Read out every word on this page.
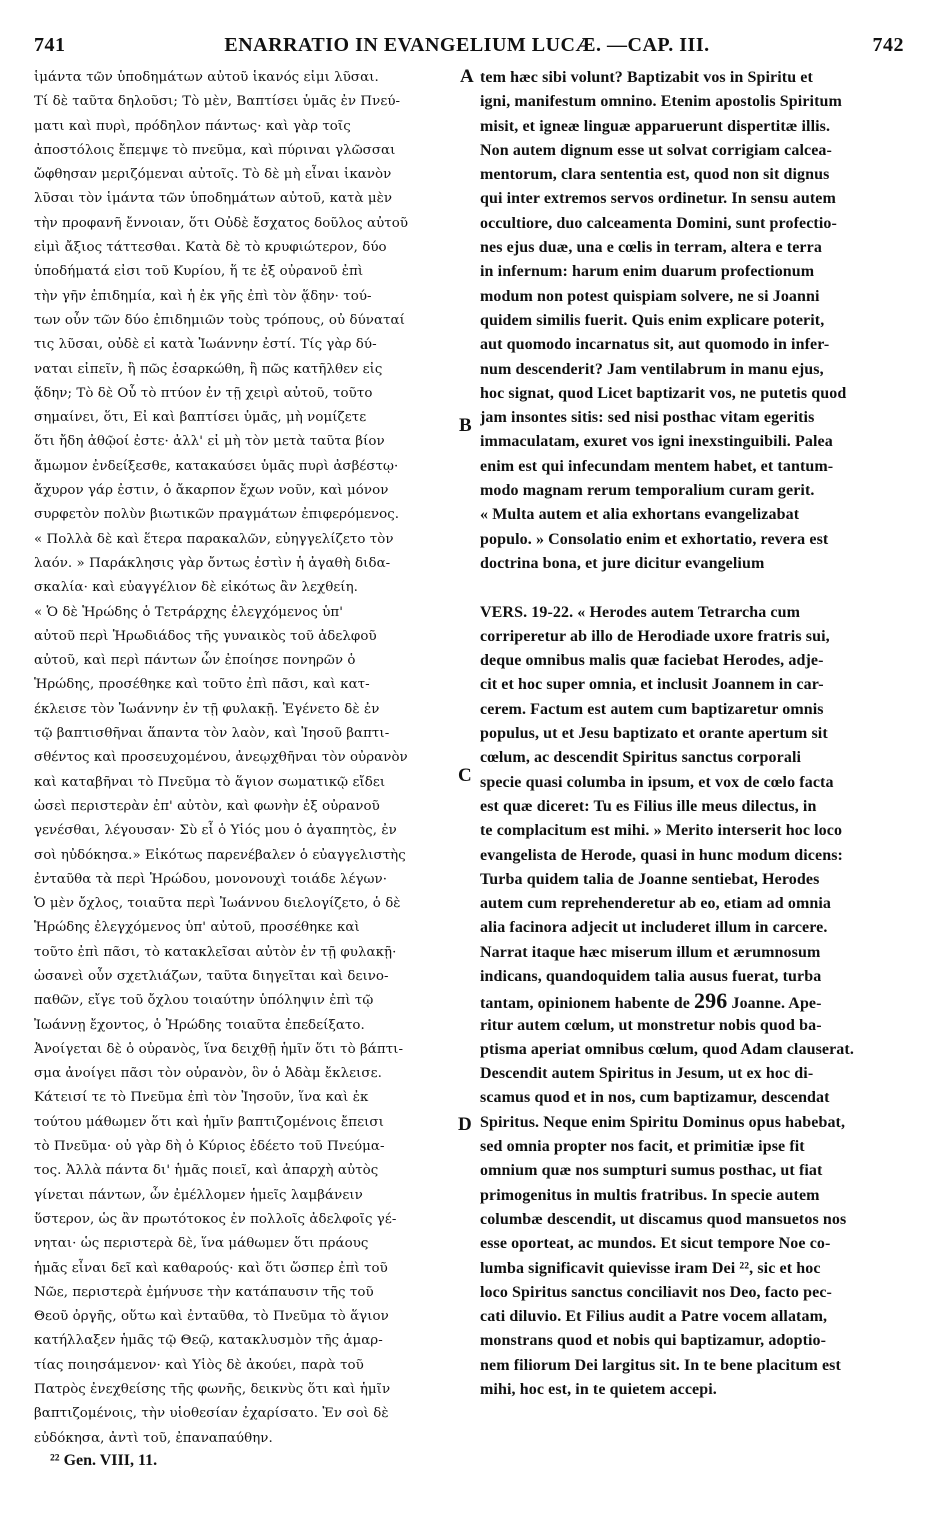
741	ENARRATIO IN EVANGELIUM LUCÆ. —CAP. III.	742
A
B
C
D
ἱμάντα τῶν ὑποδημάτων αὐτοῦ ἱκανός εἰμι λῦσαι.
Τί δὲ ταῦτα δηλοῦσι; Τὸ μὲν, Βαπτίσει ὑμᾶς ἐν Πνεύ-
ματι καὶ πυρὶ, πρόδηλον πάντως· καὶ γὰρ τοῖς
ἀποστόλοις ἔπεμψε τὸ πνεῦμα, καὶ πύριναι γλῶσσαι
ὤφθησαν μεριζόμεναι αὐτοῖς. Τὸ δὲ μὴ εἶναι ἱκανὸν
λῦσαι τὸν ἱμάντα τῶν ὑποδημάτων αὐτοῦ, κατὰ μὲν
τὴν προφανῆ ἔννοιαν, ὅτι Οὐδὲ ἔσχατος δοῦλος αὐτοῦ
εἰμὶ ἄξιος τάττεσθαι. Κατὰ δὲ τὸ κρυφιώτερον, δύο
ὑποδήματά εἰσι τοῦ Κυρίου, ἥ τε ἐξ οὐρανοῦ ἐπὶ
τὴν γῆν ἐπιδημία, καὶ ἡ ἐκ γῆς ἐπὶ τὸν ᾅδην· τού-
των οὖν τῶν δύο ἐπιδημιῶν τοὺς τρόπους, οὐ δύναταί
τις λῦσαι, οὐδὲ εἰ κατὰ Ἰωάννην ἐστί. Τίς γὰρ δύ-
ναται εἰπεῖν, ἢ πῶς ἐσαρκώθη, ἢ πῶς κατῆλθεν εἰς
ᾅδην; Τὸ δὲ Οὗ τὸ πτύον ἐν τῇ χειρὶ αὐτοῦ, τοῦτο
σημαίνει, ὅτι, Εἰ καὶ βαπτίσει ὑμᾶς, μὴ νομίζετε
ὅτι ἤδη ἀθῷοί ἐστε· ἀλλ' εἰ μὴ τὸν μετὰ ταῦτα βίον
ἄμωμον ἐνδείξεσθε, κατακαύσει ὑμᾶς πυρὶ ἀσβέστῳ·
ἄχυρον γάρ ἐστιν, ὁ ἄκαρπον ἔχων νοῦν, καὶ μόνον
συρφετὸν πολὺν βιωτικῶν πραγμάτων ἐπιφερόμενος.
« Πολλὰ δὲ καὶ ἕτερα παρακαλῶν, εὐηγγελίζετο τὸν
λαόν. » Παράκλησις γὰρ ὄντως ἐστὶν ἡ ἀγαθὴ διδα-
σκαλία· καὶ εὐαγγέλιον δὲ εἰκότως ἂν λεχθείη.
« Ὁ δὲ Ἡρώδης ὁ Τετράρχης ἐλεγχόμενος ὑπ'
αὐτοῦ περὶ Ἡρωδιάδος τῆς γυναικὸς τοῦ ἀδελφοῦ
αὐτοῦ, καὶ περὶ πάντων ὧν ἐποίησε πονηρῶν ὁ
Ἡρώδης, προσέθηκε καὶ τοῦτο ἐπὶ πᾶσι, καὶ κατ-
έκλεισε τὸν Ἰωάννην ἐν τῇ φυλακῇ. Ἐγένετο δὲ ἐν
τῷ βαπτισθῆναι ἅπαντα τὸν λαὸν, καὶ Ἰησοῦ βαπτι-
σθέντος καὶ προσευχομένου, ἀνεῳχθῆναι τὸν οὐρανὸν
καὶ καταβῆναι τὸ Πνεῦμα τὸ ἅγιον σωματικῷ εἴδει
ὡσεὶ περιστερὰν ἐπ' αὐτὸν, καὶ φωνὴν ἐξ οὐρανοῦ
γενέσθαι, λέγουσαν· Σὺ εἶ ὁ Υἱός μου ὁ ἀγαπητὸς, ἐν
σοὶ ηὐδόκησα.» Εἰκότως παρενέβαλεν ὁ εὐαγγελιστὴς
ἐνταῦθα τὰ περὶ Ἡρώδου, μονονουχὶ τοιάδε λέγων·
Ὁ μὲν ὄχλος, τοιαῦτα περὶ Ἰωάννου διελογίζετο, ὁ δὲ
Ἡρώδης ἐλεγχόμενος ὑπ' αὐτοῦ, προσέθηκε καὶ
τοῦτο ἐπὶ πᾶσι, τὸ κατακλεῖσαι αὐτὸν ἐν τῇ φυλακῇ·
ὡσανεὶ οὖν σχετλιάζων, ταῦτα διηγεῖται καὶ δεινο-
παθῶν, εἴγε τοῦ ὄχλου τοιαύτην ὑπόληψιν ἐπὶ τῷ
Ἰωάννῃ ἔχοντος, ὁ Ἡρώδης τοιαῦτα ἐπεδείξατο.
Ἀνοίγεται δὲ ὁ οὐρανὸς, ἵνα δειχθῇ ἡμῖν ὅτι τὸ βάπτι-
σμα ἀνοίγει πᾶσι τὸν οὐρανὸν, ὃν ὁ Ἀδὰμ ἔκλεισε.
Κάτεισί τε τὸ Πνεῦμα ἐπὶ τὸν Ἰησοῦν, ἵνα καὶ ἐκ
τούτου μάθωμεν ὅτι καὶ ἡμῖν βαπτιζομένοις ἔπεισι
τὸ Πνεῦμα· οὐ γὰρ δὴ ὁ Κύριος ἐδέετο τοῦ Πνεύμα-
τος. Ἀλλὰ πάντα δι' ἡμᾶς ποιεῖ, καὶ ἀπαρχὴ αὐτὸς
γίνεται πάντων, ὧν ἐμέλλομεν ἡμεῖς λαμβάνειν
ὕστερον, ὡς ἂν πρωτότοκος ἐν πολλοῖς ἀδελφοῖς γέ-
νηται· ὡς περιστερὰ δὲ, ἵνα μάθωμεν ὅτι πράους
ἡμᾶς εἶναι δεῖ καὶ καθαρούς· καὶ ὅτι ὥσπερ ἐπὶ τοῦ
Νῶε, περιστερὰ ἐμήνυσε τὴν κατάπαυσιν τῆς τοῦ
Θεοῦ ὀργῆς, οὕτω καὶ ἐνταῦθα, τὸ Πνεῦμα τὸ ἅγιον
κατήλλαξεν ἡμᾶς τῷ Θεῷ, κατακλυσμὸν τῆς ἁμαρ-
τίας ποιησάμενον· καὶ Υἱὸς δὲ ἀκούει, παρὰ τοῦ
Πατρὸς ἐνεχθείσης τῆς φωνῆς, δεικνὺς ὅτι καὶ ἡμῖν
βαπτιζομένοις, τὴν υἱοθεσίαν ἐχαρίσατο. Ἐν σοὶ δὲ
εὐδόκησα, ἀντὶ τοῦ, ἐπαναπαύθην.
tem hæc sibi volunt? Baptizabit vos in Spiritu et
igni, manifestum omnino. Etenim apostolis Spiritum
misit, et igneæ linguæ apparuerunt dispertitæ illis.
Non autem dignum esse ut solvat corrigiam calcea-
mentorum, clara sententia est, quod non sit dignus
qui inter extremos servos ordinetur. In sensu autem
occultiore, duo calceamenta Domini, sunt profectio-
nes ejus duæ, una e cœlis in terram, altera e terra
in infernum: harum enim duarum profectionum
modum non potest quispiam solvere, ne si Joanni
quidem similis fuerit. Quis enim explicare poterit,
aut quomodo incarnatus sit, aut quomodo in infer-
num descenderit? Jam ventilabrum in manu ejus,
hoc signat, quod Licet baptizarit vos, ne putetis quod
jam insontes sitis: sed nisi posthac vitam egeritis
immaculatam, exuret vos igni inexstinguibili. Palea
enim est qui infecundam mentem habet, et tantum-
modo magnam rerum temporalium curam gerit.
« Multa autem et alia exhortans evangelizabat
populo. » Consolatio enim et exhortatio, revera est
doctrina bona, et jure dicitur evangelium
VERS. 19-22. « Herodes autem Tetrarcha cum
corriperetur ab illo de Herodiade uxore fratris sui,
deque omnibus malis quæ faciebat Herodes, adje-
cit et hoc super omnia, et inclusit Joannem in car-
cerem. Factum est autem cum baptizaretur omnis
populus, ut et Jesu baptizato et orante apertum sit
cœlum, ac descendit Spiritus sanctus corporali
specie quasi columba in ipsum, et vox de cœlo facta
est quæ diceret: Tu es Filius ille meus dilectus, in
te complacitum est mihi. » Merito interserit hoc loco
evangelista de Herode, quasi in hunc modum dicens:
Turba quidem talia de Joanne sentiebat, Herodes
autem cum reprehenderetur ab eo, etiam ad omnia
alia facinora adjecit ut includeret illum in carcere.
Narrat itaque hæc miserum illum et ærumnosum
indicans, quandoquidem talia ausus fuerat, turba
tantam, opinionem habente de 296 Joanne. Ape-
ritur autem cœlum, ut monstretur nobis quod ba-
ptisma aperiat omnibus cœlum, quod Adam clauserat.
Descendit autem Spiritus in Jesum, ut ex hoc di-
scamus quod et in nos, cum baptizamur, descendat
Spiritus. Neque enim Spiritu Dominus opus habebat,
sed omnia propter nos facit, et primitiæ ipse fit
omnium quæ nos sumpturi sumus posthac, ut fiat
primogenitus in multis fratribus. In specie autem
columbæ descendit, ut discamus quod mansuetos nos
esse oporteat, ac mundos. Et sicut tempore Noe co-
lumba significavit quievisse iram Dei ²², sic et hoc
loco Spiritus sanctus conciliavit nos Deo, facto pec-
cati diluvio. Et Filius audit a Patre vocem allatam,
monstrans quod et nobis qui baptizamur, adoptio-
nem filiorum Dei largitus sit. In te bene placitum est
mihi, hoc est, in te quietem accepi.
²² Gen. VIII, 11.
